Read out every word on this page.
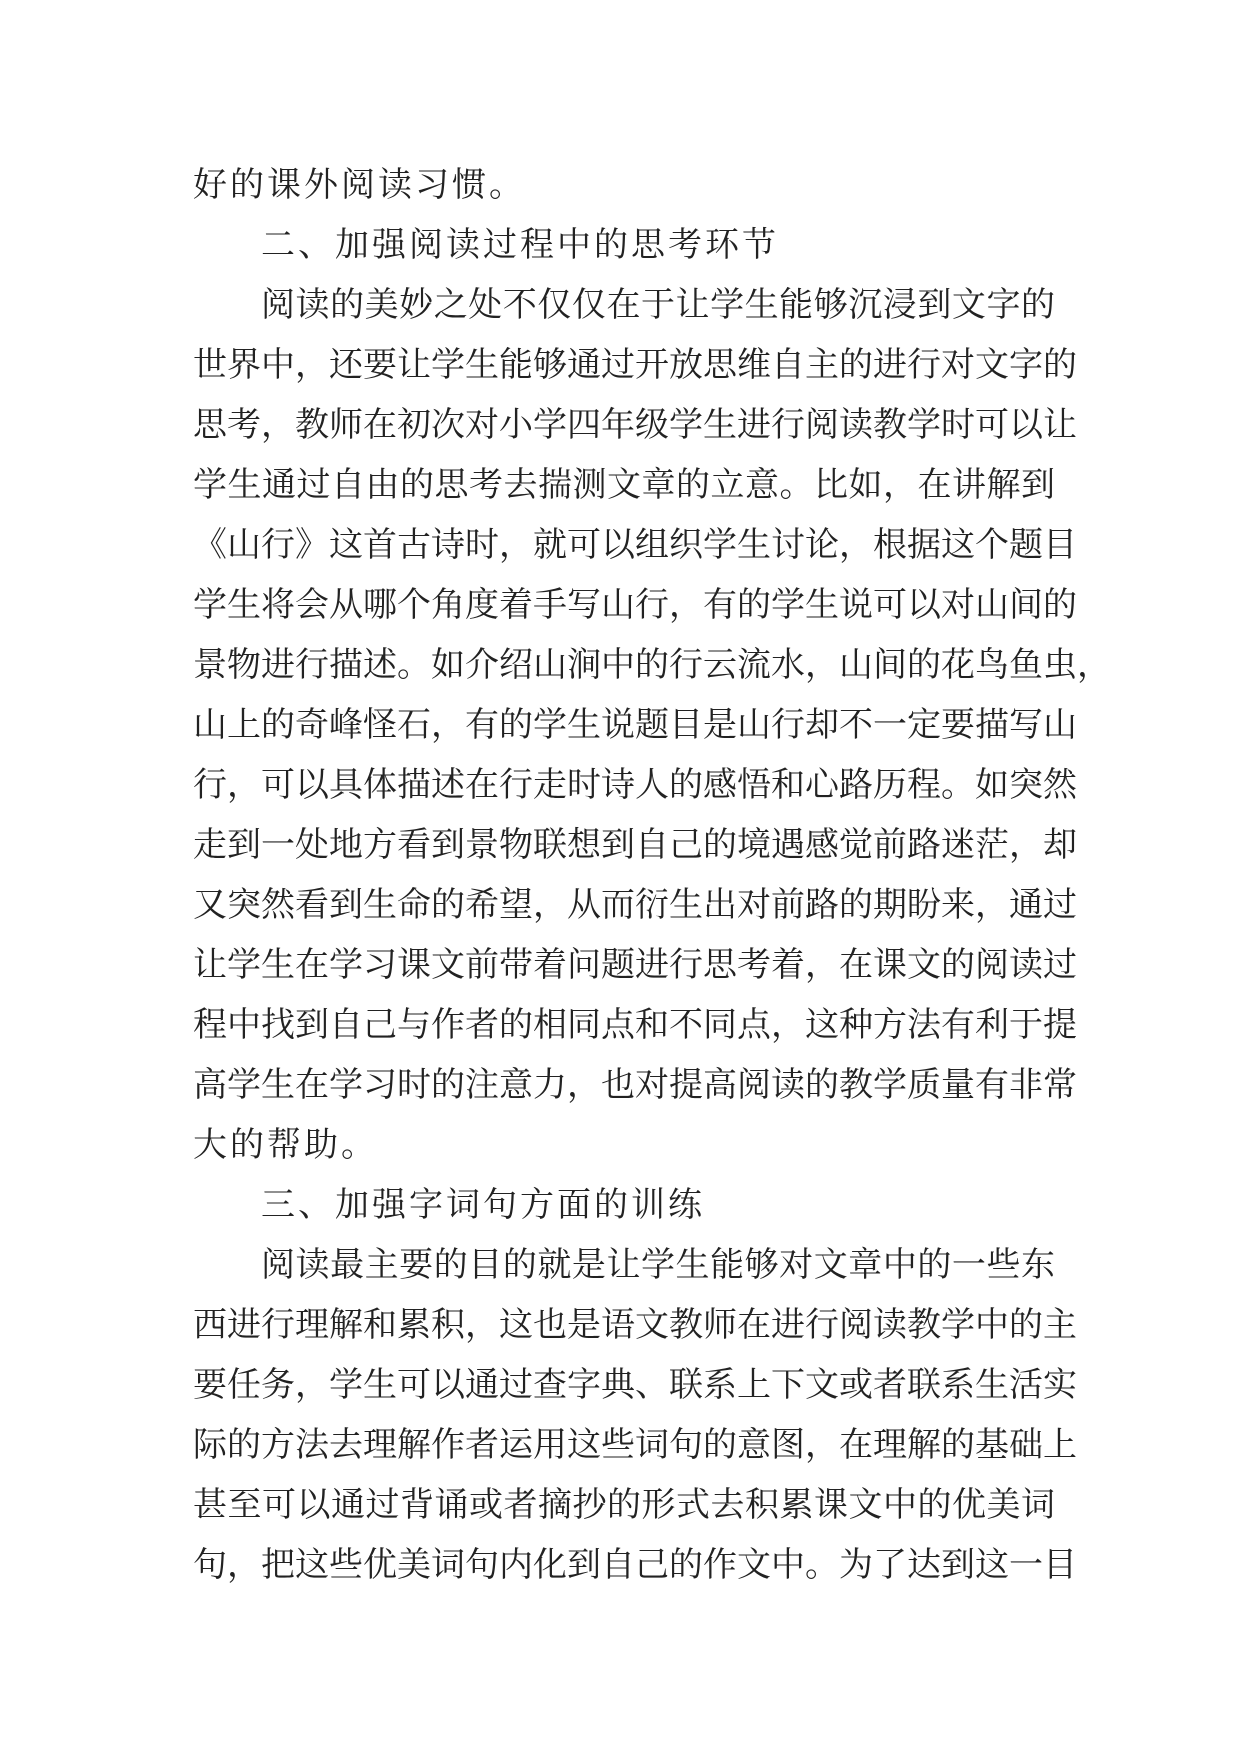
好的课外阅读习惯。
二、加强阅读过程中的思考环节
阅读的美妙之处不仅仅在于让学生能够沉浸到文字的
世界中，还要让学生能够通过开放思维自主的进行对文字的
思考，教师在初次对小学四年级学生进行阅读教学时可以让
学生通过自由的思考去揣测文章的立意。比如，在讲解到
《山行》这首古诗时，就可以组织学生讨论，根据这个题目
学生将会从哪个角度着手写山行，有的学生说可以对山间的
景物进行描述。如介绍山涧中的行云流水，山间的花鸟鱼虫，
山上的奇峰怪石，有的学生说题目是山行却不一定要描写山
行，可以具体描述在行走时诗人的感悟和心路历程。如突然
走到一处地方看到景物联想到自己的境遇感觉前路迷茫，却
又突然看到生命的希望，从而衍生出对前路的期盼来，通过
让学生在学习课文前带着问题进行思考着，在课文的阅读过
程中找到自己与作者的相同点和不同点，这种方法有利于提
高学生在学习时的注意力，也对提高阅读的教学质量有非常
大的帮助。
三、加强字词句方面的训练
阅读最主要的目的就是让学生能够对文章中的一些东
西进行理解和累积，这也是语文教师在进行阅读教学中的主
要任务，学生可以通过查字典、联系上下文或者联系生活实
际的方法去理解作者运用这些词句的意图，在理解的基础上
甚至可以通过背诵或者摘抄的形式去积累课文中的优美词
句，把这些优美词句内化到自己的作文中。为了达到这一目
